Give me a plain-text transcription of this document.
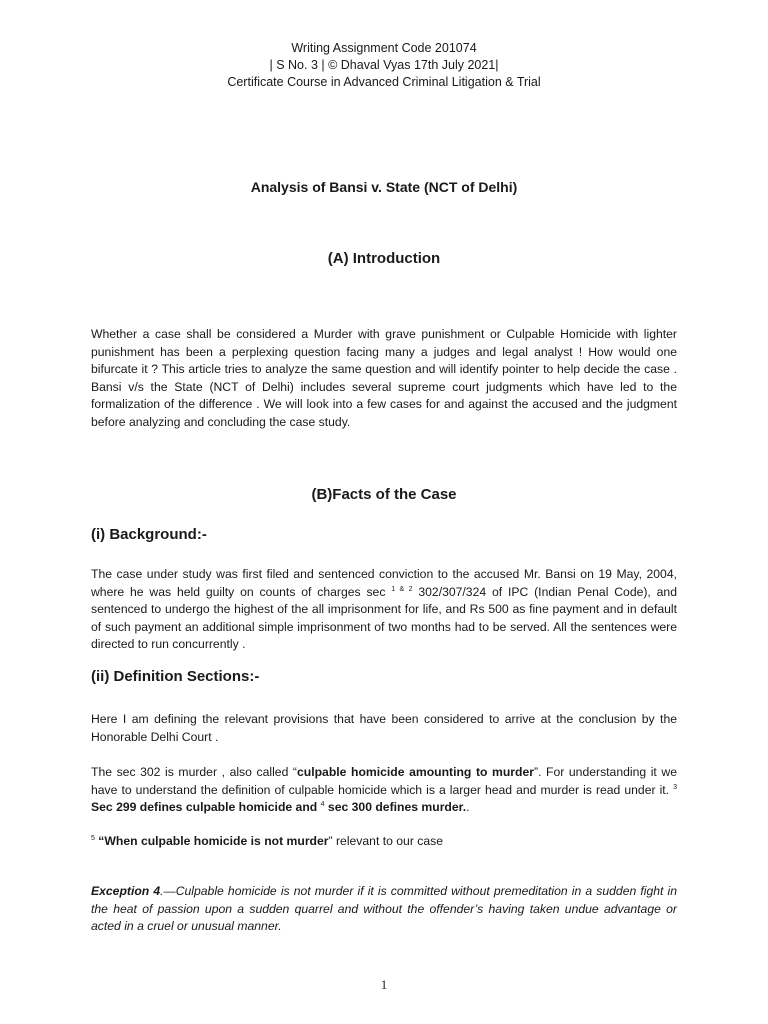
Writing Assignment Code 201074
| S No. 3 | © Dhaval Vyas 17th July 2021|
Certificate Course in Advanced Criminal Litigation & Trial
Analysis of Bansi v. State (NCT of Delhi)
(A) Introduction
Whether a case shall be considered a Murder with grave punishment or Culpable Homicide with lighter punishment has been a perplexing question facing many a judges and legal analyst ! How would one bifurcate it ? This article tries to analyze the same question and will identify pointer to help decide the case . Bansi v/s the State (NCT of Delhi) includes several supreme court judgments which have led to the formalization of the difference . We will look into a few cases for and against the accused and the judgment before analyzing and concluding the case study.
(B)Facts of the Case
(i) Background:-
The case under study was first filed and sentenced conviction to the accused Mr. Bansi on 19 May, 2004, where he was held guilty on counts of charges sec $^{1 \& 2}$ 302/307/324 of IPC (Indian Penal Code), and sentenced to undergo the highest of the all imprisonment for life, and Rs 500 as fine payment and in default of such payment an additional simple imprisonment of two months had to be served. All the sentences were directed to run concurrently .
(ii) Definition Sections:-
Here I am defining the relevant provisions that have been considered to arrive at the conclusion by the Honorable Delhi Court .
The sec 302 is murder , also called “culpable homicide amounting to murder”. For understanding it we have to understand the definition of culpable homicide which is a larger head and murder is read under it. $^3$ Sec 299 defines culpable homicide and $^4$ sec 300 defines murder..
$^5$ “When culpable homicide is not murder” relevant to our case
Exception 4.—Culpable homicide is not murder if it is committed without premeditation in a sudden fight in the heat of passion upon a sudden quarrel and without the offender’s having taken undue advantage or acted in a cruel or unusual manner.
1
